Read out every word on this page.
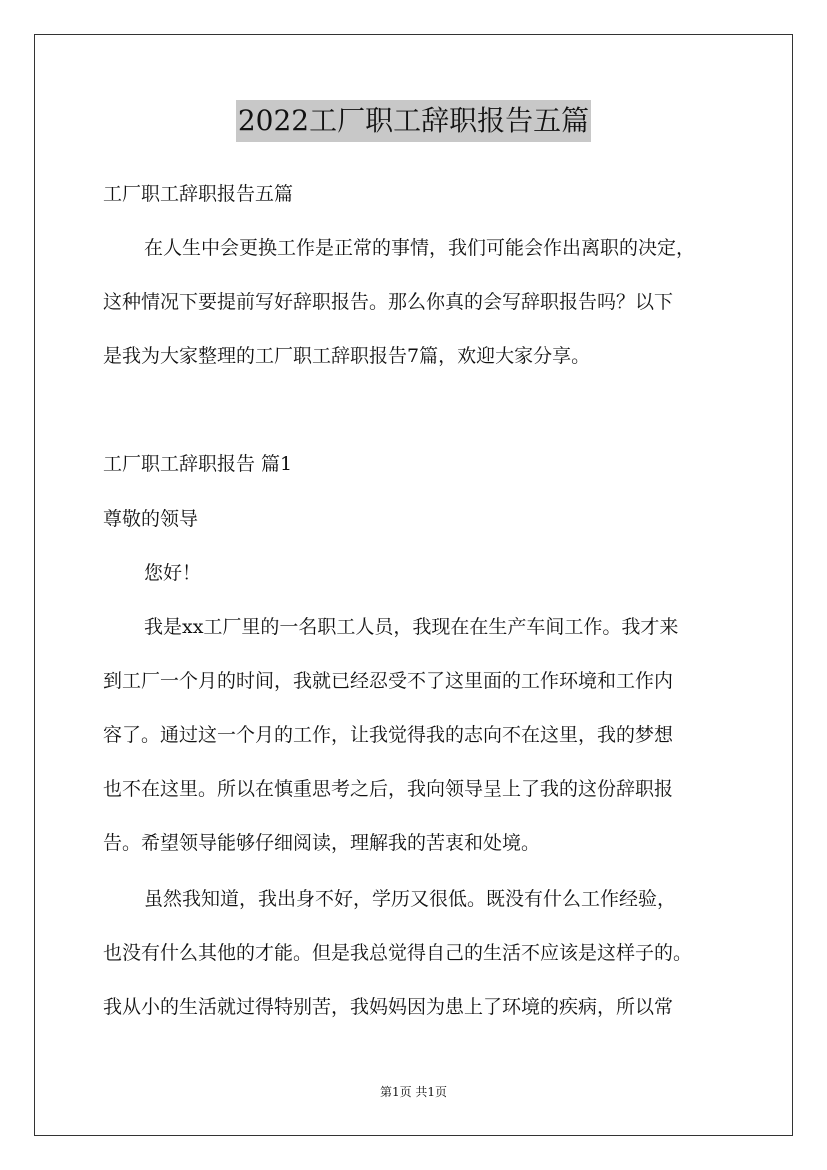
2022工厂职工辞职报告五篇
工厂职工辞职报告五篇
在人生中会更换工作是正常的事情，我们可能会作出离职的决定，
这种情况下要提前写好辞职报告。那么你真的会写辞职报告吗？以下
是我为大家整理的工厂职工辞职报告7篇，欢迎大家分享。
工厂职工辞职报告 篇1
尊敬的领导
您好！
我是xx工厂里的一名职工人员，我现在在生产车间工作。我才来
到工厂一个月的时间，我就已经忍受不了这里面的工作环境和工作内
容了。通过这一个月的工作，让我觉得我的志向不在这里，我的梦想
也不在这里。所以在慎重思考之后，我向领导呈上了我的这份辞职报
告。希望领导能够仔细阅读，理解我的苦衷和处境。
虽然我知道，我出身不好，学历又很低。既没有什么工作经验，
也没有什么其他的才能。但是我总觉得自己的生活不应该是这样子的。
我从小的生活就过得特别苦，我妈妈因为患上了环境的疾病，所以常
第1页 共1页
